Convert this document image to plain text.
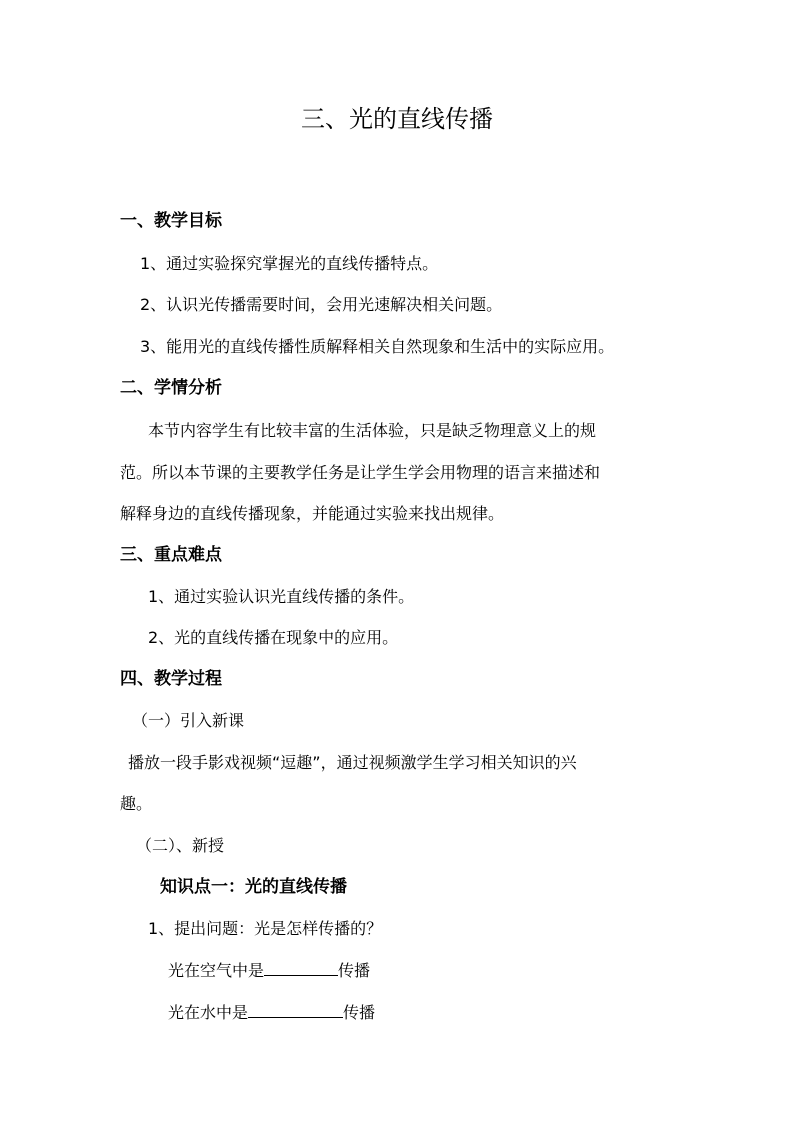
三、光的直线传播
一、教学目标
1、通过实验探究掌握光的直线传播特点。
2、认识光传播需要时间，会用光速解决相关问题。
3、能用光的直线传播性质解释相关自然现象和生活中的实际应用。
二、学情分析
本节内容学生有比较丰富的生活体验，只是缺乏物理意义上的规
范。所以本节课的主要教学任务是让学生学会用物理的语言来描述和
解释身边的直线传播现象，并能通过实验来找出规律。
三、重点难点
1、通过实验认识光直线传播的条件。
2、光的直线传播在现象中的应用。
四、教学过程
（一）引入新课
播放一段手影戏视频“逗趣”，通过视频激学生学习相关知识的兴
趣。
（二）、新授
知识点一：光的直线传播
1、提出问题：光是怎样传播的？
光在空气中是	传播
光在水中是	传播
